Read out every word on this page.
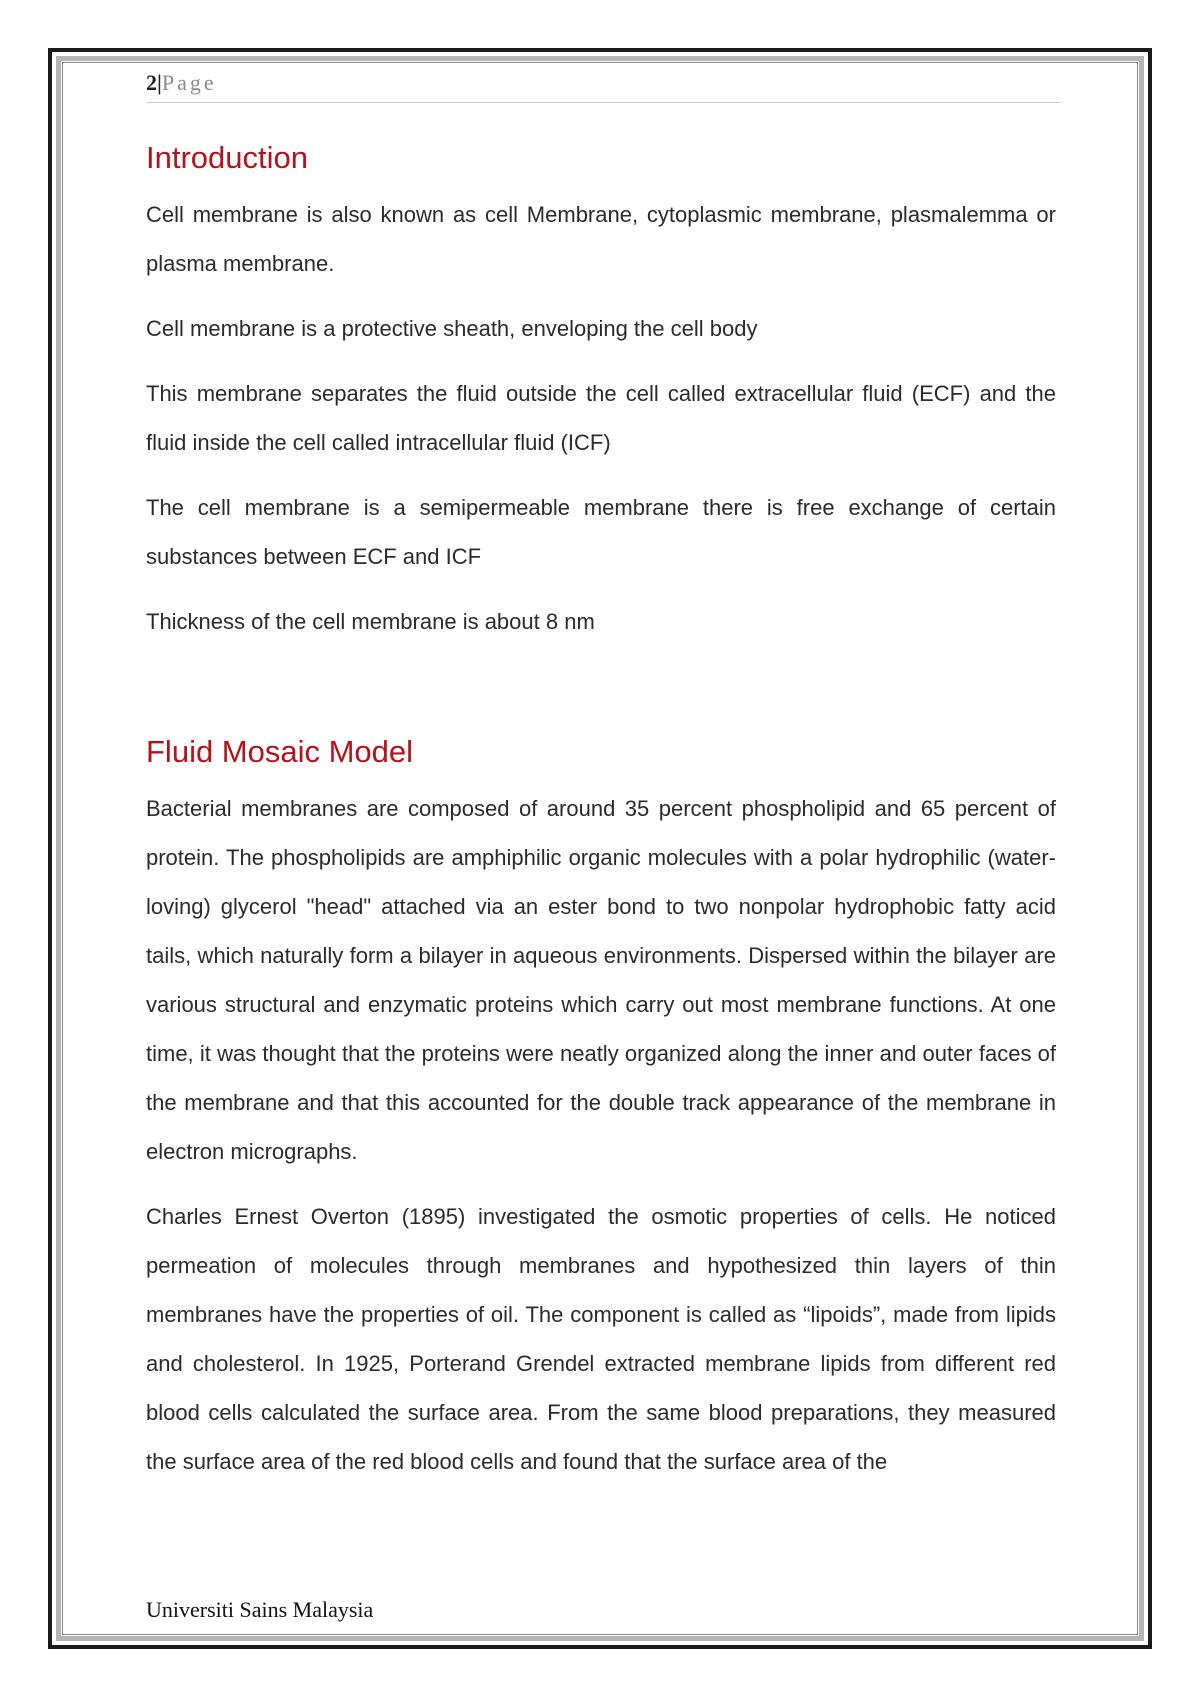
2|Page
Introduction

Cell membrane is also known as cell Membrane, cytoplasmic membrane, plasmalemma or plasma membrane.

Cell membrane is a protective sheath, enveloping the cell body

This membrane separates the fluid outside the cell called extracellular fluid (ECF) and the fluid inside the cell called intracellular fluid (ICF)

The cell membrane is a semipermeable membrane there is free exchange of certain substances between ECF and ICF

Thickness of the cell membrane is about 8 nm

Fluid Mosaic Model

Bacterial membranes are composed of around 35 percent phospholipid and 65 percent of protein. The phospholipids are amphiphilic organic molecules with a polar hydrophilic (water-loving) glycerol "head" attached via an ester bond to two nonpolar hydrophobic fatty acid tails, which naturally form a bilayer in aqueous environments. Dispersed within the bilayer are various structural and enzymatic proteins which carry out most membrane functions. At one time, it was thought that the proteins were neatly organized along the inner and outer faces of the membrane and that this accounted for the double track appearance of the membrane in electron micrographs.

Charles Ernest Overton (1895) investigated the osmotic properties of cells. He noticed permeation of molecules through membranes and hypothesized thin layers of thin membranes have the properties of oil. The component is called as “lipoids”, made from lipids and cholesterol. In 1925, Porterand Grendel extracted membrane lipids from different red blood cells calculated the surface area. From the same blood preparations, they measured the surface area of the red blood cells and found that the surface area of the

Universiti Sains Malaysia
